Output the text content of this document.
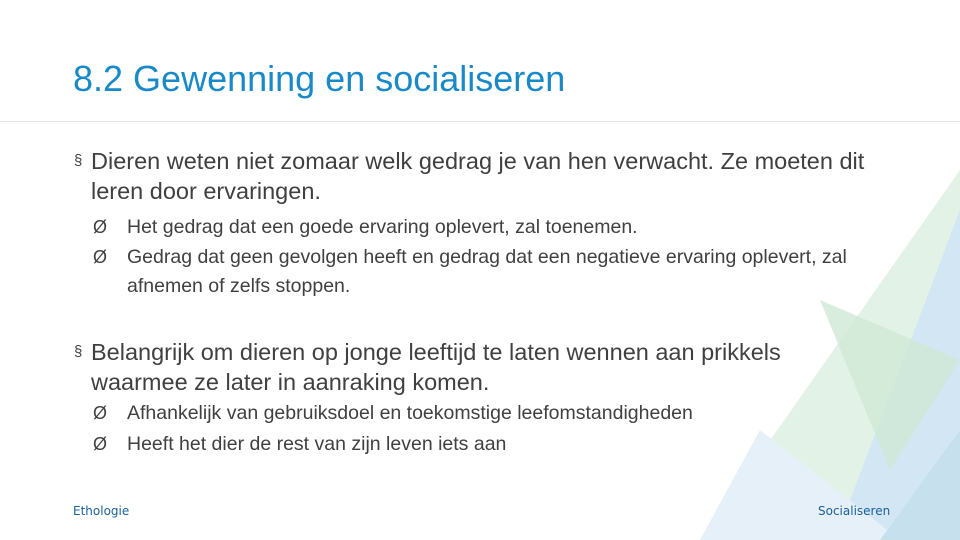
8.2 Gewenning en socialiseren
§ Dieren weten niet zomaar welk gedrag je van hen verwacht. Ze moeten dit leren door ervaringen.
Ø	Het gedrag dat een goede ervaring oplevert, zal toenemen.
Ø	Gedrag dat geen gevolgen heeft en gedrag dat een negatieve ervaring oplevert, zal afnemen of zelfs stoppen.
§ Belangrijk om dieren op jonge leeftijd te laten wennen aan prikkels waarmee ze later in aanraking komen.
Ø	Afhankelijk van gebruiksdoel en toekomstige leefomstandigheden
Ø	Heeft het dier de rest van zijn leven iets aan
Ethologie	Socialiseren
